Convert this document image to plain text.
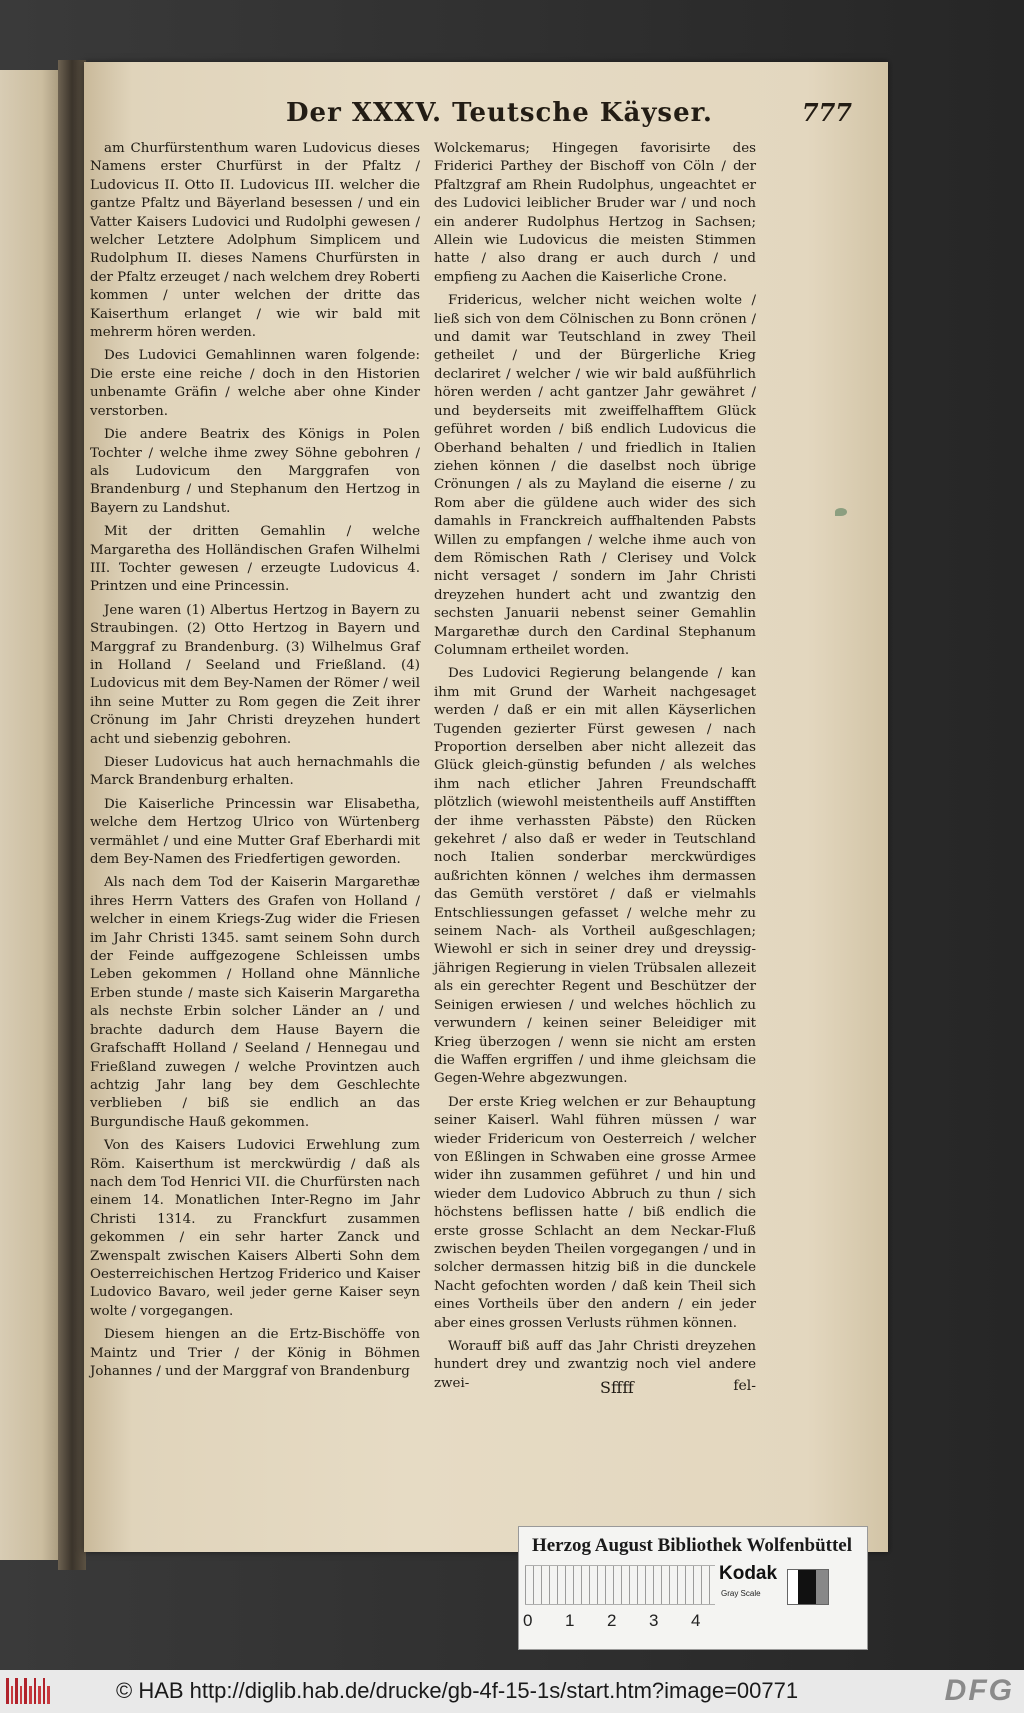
Der XXXV. Teutsche Käyser.	777

am Churfürstenthum waren Ludovicus dieses Namens erster Churfürst in der Pfaltz / Ludovicus II. Otto II. Ludovicus III. welcher die gantze Pfaltz und Bäyerland besessen / und ein Vatter Kaisers Ludovici und Rudolphi gewesen / welcher Letztere Adolphum Simplicem und Rudolphum II. dieses Namens Churfürsten in der Pfaltz erzeuget / nach welchem drey Roberti kommen / unter welchen der dritte das Kaiserthum erlanget / wie wir bald mit mehrerm hören werden.

Des Ludovici Gemahlinnen waren folgende: Die erste eine reiche / doch in den Historien unbenamte Gräfin / welche aber ohne Kinder verstorben.

Die andere Beatrix des Königs in Polen Tochter / welche ihme zwey Söhne gebohren / als Ludovicum den Marggrafen von Brandenburg / und Stephanum den Hertzog in Bayern zu Landshut.

Mit der dritten Gemahlin / welche Margaretha des Holländischen Grafen Wilhelmi III. Tochter gewesen / erzeugte Ludovicus 4. Printzen und eine Princessin.

Jene waren (1) Albertus Hertzog in Bayern zu Straubingen. (2) Otto Hertzog in Bayern und Marggraf zu Brandenburg. (3) Wilhelmus Graf in Holland / Seeland und Frießland. (4) Ludovicus mit dem Bey-Namen der Römer / weil ihn seine Mutter zu Rom gegen die Zeit ihrer Crönung im Jahr Christi dreyzehen hundert acht und siebenzig gebohren.

Dieser Ludovicus hat auch hernachmahls die Marck Brandenburg erhalten.

Die Kaiserliche Princessin war Elisabetha, welche dem Hertzog Ulrico von Würtenberg vermählet / und eine Mutter Graf Eberhardi mit dem Bey-Namen des Friedfertigen geworden.

Als nach dem Tod der Kaiserin Margarethæ ihres Herrn Vatters des Grafen von Holland / welcher in einem Kriegs-Zug wider die Friesen im Jahr Christi 1345. samt seinem Sohn durch der Feinde auffgezogene Schleissen umbs Leben gekommen / Holland ohne Männliche Erben stunde / maste sich Kaiserin Margaretha als nechste Erbin solcher Länder an / und brachte dadurch dem Hause Bayern die Grafschafft Holland / Seeland / Hennegau und Frießland zuwegen / welche Provintzen auch achtzig Jahr lang bey dem Geschlechte verblieben / biß sie endlich an das Burgundische Hauß gekommen.

Von des Kaisers Ludovici Erwehlung zum Röm. Kaiserthum ist merckwürdig / daß als nach dem Tod Henrici VII. die Churfürsten nach einem 14. Monatlichen Inter-Regno im Jahr Christi 1314. zu Franckfurt zusammen gekommen / ein sehr harter Zanck und Zwenspalt zwischen Kaisers Alberti Sohn dem Oesterreichischen Hertzog Friderico und Kaiser Ludovico Bavaro, weil jeder gerne Kaiser seyn wolte / vorgegangen.

Diesem hiengen an die Ertz-Bischöffe von Maintz und Trier / der König in Böhmen Johannes / und der Marggraf von Brandenburg

Wolckemarus; Hingegen favorisirte des Friderici Parthey der Bischoff von Cöln / der Pfaltzgraf am Rhein Rudolphus, ungeachtet er des Ludovici leiblicher Bruder war / und noch ein anderer Rudolphus Hertzog in Sachsen; Allein wie Ludovicus die meisten Stimmen hatte / also drang er auch durch / und empfieng zu Aachen die Kaiserliche Crone.

Fridericus, welcher nicht weichen wolte / ließ sich von dem Cölnischen zu Bonn crönen / und damit war Teutschland in zwey Theil getheilet / und der Bürgerliche Krieg declariret / welcher / wie wir bald außführlich hören werden / acht gantzer Jahr gewähret / und beyderseits mit zweiffelhafftem Glück geführet worden / biß endlich Ludovicus die Oberhand behalten / und friedlich in Italien ziehen können / die daselbst noch übrige Crönungen / als zu Mayland die eiserne / zu Rom aber die güldene auch wider des sich damahls in Franckreich auffhaltenden Pabsts Willen zu empfangen / welche ihme auch von dem Römischen Rath / Clerisey und Volck nicht versaget / sondern im Jahr Christi dreyzehen hundert acht und zwantzig den sechsten Januarii nebenst seiner Gemahlin Margarethæ durch den Cardinal Stephanum Columnam ertheilet worden.

Des Ludovici Regierung belangende / kan ihm mit Grund der Warheit nachgesaget werden / daß er ein mit allen Käyserlichen Tugenden gezierter Fürst gewesen / nach Proportion derselben aber nicht allezeit das Glück gleich-günstig befunden / als welches ihm nach etlicher Jahren Freundschafft plötzlich (wiewohl meistentheils auff Anstifften der ihme verhassten Päbste) den Rücken gekehret / also daß er weder in Teutschland noch Italien sonderbar merckwürdiges außrichten können / welches ihm dermassen das Gemüth verstöret / daß er vielmahls Entschliessungen gefasset / welche mehr zu seinem Nach- als Vortheil außgeschlagen; Wiewohl er sich in seiner drey und dreyssig-jährigen Regierung in vielen Trübsalen allezeit als ein gerechter Regent und Beschützer der Seinigen erwiesen / und welches höchlich zu verwundern / keinen seiner Beleidiger mit Krieg überzogen / wenn sie nicht am ersten die Waffen ergriffen / und ihme gleichsam die Gegen-Wehre abgezwungen.

Der erste Krieg welchen er zur Behauptung seiner Kaiserl. Wahl führen müssen / war wieder Fridericum von Oesterreich / welcher von Eßlingen in Schwaben eine grosse Armee wider ihn zusammen geführet / und hin und wieder dem Ludovico Abbruch zu thun / sich höchstens beflissen hatte / biß endlich die erste grosse Schlacht an dem Neckar-Fluß zwischen beyden Theilen vorgegangen / und in solcher dermassen hitzig biß in die dunckele Nacht gefochten worden / daß kein Theil sich eines Vortheils über den andern / ein jeder aber eines grossen Verlusts rühmen können.

Worauff biß auff das Jahr Christi dreyzehen hundert drey und zwantzig noch viel andere zwei-	Sffff	fel-
Herzog August Bibliothek Wolfenbüttel
0 1 2 3 4
Kodak
Gray Scale
© HAB http://diglib.hab.de/drucke/gb-4f-15-1s/start.htm?image=00771	DFG
